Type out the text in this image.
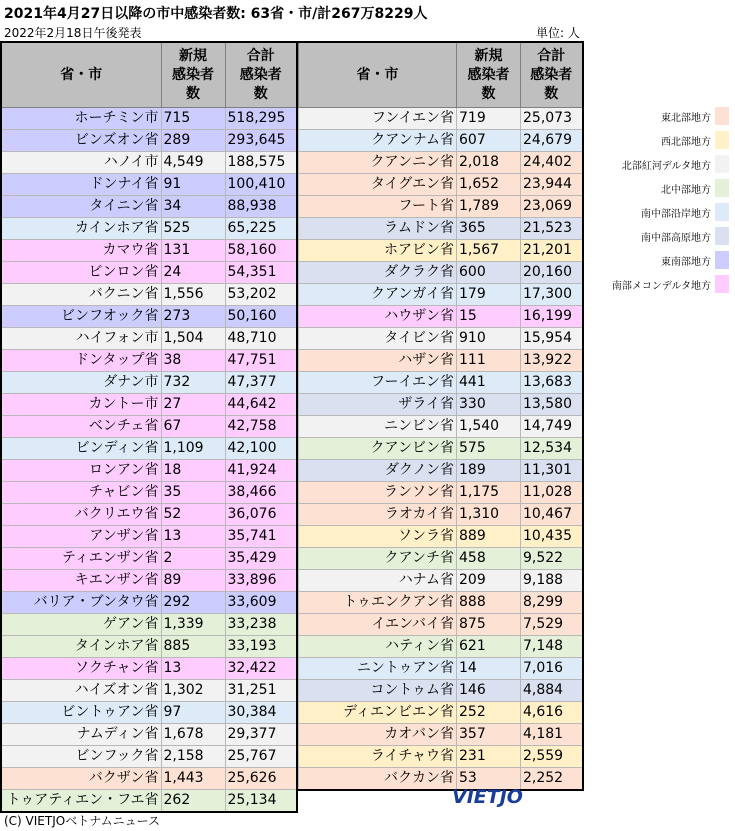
2021年4月27日以降の市中感染者数: 63省・市/計267万8229人
2022年2月18日午後発表	単位: 人
省・市	新規
感染者
数	合計
感染者
数
ホーチミン市	715	518,295
ビンズオン省	289	293,645
ハノイ市	4,549	188,575
ドンナイ省	91	100,410
タイニン省	34	88,938
カインホア省	525	65,225
カマウ省	131	58,160
ビンロン省	24	54,351
バクニン省	1,556	53,202
ビンフオック省	273	50,160
ハイフォン市	1,504	48,710
ドンタップ省	38	47,751
ダナン市	732	47,377
カントー市	27	44,642
ベンチェ省	67	42,758
ビンディン省	1,109	42,100
ロンアン省	18	41,924
チャビン省	35	38,466
バクリエウ省	52	36,076
アンザン省	13	35,741
ティエンザン省	2	35,429
キエンザン省	89	33,896
バリア・ブンタウ省	292	33,609
ゲアン省	1,339	33,238
タインホア省	885	33,193
ソクチャン省	13	32,422
ハイズオン省	1,302	31,251
ビントゥアン省	97	30,384
ナムディン省	1,678	29,377
ビンフック省	2,158	25,767
バクザン省	1,443	25,626
トゥアティエン・フエ省	262	25,134
省・市	新規
感染者
数	合計
感染者
数
フンイエン省	719	25,073
クアンナム省	607	24,679
クアンニン省	2,018	24,402
タイグエン省	1,652	23,944
フート省	1,789	23,069
ラムドン省	365	21,523
ホアビン省	1,567	21,201
ダクラク省	600	20,160
クアンガイ省	179	17,300
ハウザン省	15	16,199
タイビン省	910	15,954
ハザン省	111	13,922
フーイエン省	441	13,683
ザライ省	330	13,580
ニンビン省	1,540	14,749
クアンビン省	575	12,534
ダクノン省	189	11,301
ランソン省	1,175	11,028
ラオカイ省	1,310	10,467
ソンラ省	889	10,435
クアンチ省	458	9,522
ハナム省	209	9,188
トゥエンクアン省	888	8,299
イエンバイ省	875	7,529
ハティン省	621	7,148
ニントゥアン省	14	7,016
コントゥム省	146	4,884
ディエンビエン省	252	4,616
カオバン省	357	4,181
ライチャウ省	231	2,559
バクカン省	53	2,252
東北部地方
西北部地方
北部紅河デルタ地方
北中部地方
南中部沿岸地方
南中部高原地方
東南部地方
南部メコンデルタ地方
VIETJO
(C) VIETJOベトナムニュース
